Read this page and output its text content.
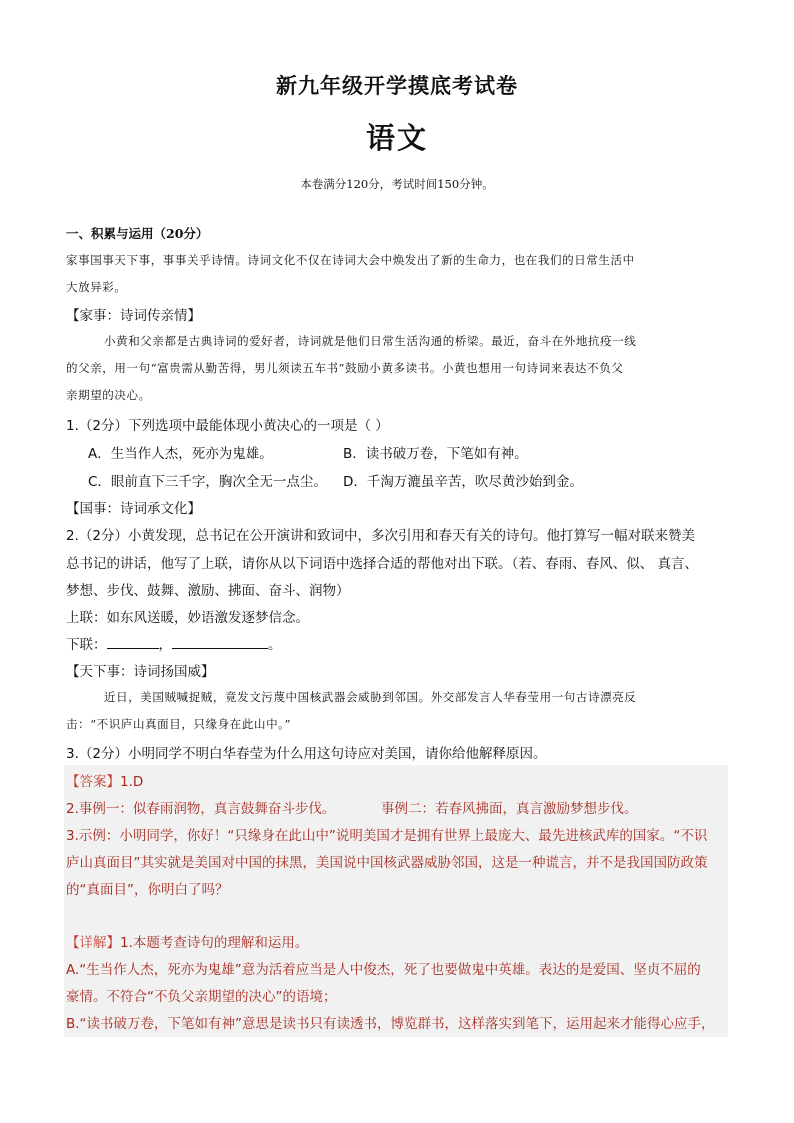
新九年级开学摸底考试卷
语文
本卷满分120分，考试时间150分钟。
一、积累与运用（20分）
家事国事天下事，事事关乎诗情。诗词文化不仅在诗词大会中焕发出了新的生命力，也在我们的日常生活中
大放异彩。
【家事：诗词传亲情】
小黄和父亲都是古典诗词的爱好者，诗词就是他们日常生活沟通的桥梁。最近，奋斗在外地抗疫一线
的父亲，用一句“富贵需从勤苦得，男儿须读五车书”鼓励小黄多读书。小黄也想用一句诗词来表达不负父
亲期望的决心。
1.（2分）下列选项中最能体现小黄决心的一项是（ ）
A．生当作人杰，死亦为鬼雄。	B．读书破万卷，下笔如有神。
C．眼前直下三千字，胸次全无一点尘。	D．千淘万漉虽辛苦，吹尽黄沙始到金。
【国事：诗词承文化】
2.（2分）小黄发现，总书记在公开演讲和致词中，多次引用和春天有关的诗句。他打算写一幅对联来赞美
总书记的讲话，他写了上联，请你从以下词语中选择合适的帮他对出下联。（若、春雨、春风、似、 真言、
梦想、步伐、鼓舞、激励、拂面、奋斗、润物）
上联：如东风送暖，妙语激发逐梦信念。
下联：	，	。
【天下事：诗词扬国威】
近日，美国贼喊捉贼，竟发文污蔑中国核武器会威胁到邻国。外交部发言人华春莹用一句古诗漂亮反
击：“不识庐山真面目，只缘身在此山中。”
3.（2分）小明同学不明白华春莹为什么用这句诗应对美国，请你给他解释原因。
【答案】1.D
2.事例一：似春雨润物，真言鼓舞奋斗步伐。	事例二：若春风拂面，真言激励梦想步伐。
3.示例：小明同学，你好！“只缘身在此山中”说明美国才是拥有世界上最庞大、最先进核武库的国家。“不识
庐山真面目”其实就是美国对中国的抹黑，美国说中国核武器威胁邻国，这是一种谎言，并不是我国国防政策
的“真面目”，你明白了吗？
【详解】1.本题考查诗句的理解和运用。
A.“生当作人杰，死亦为鬼雄”意为活着应当是人中俊杰，死了也要做鬼中英雄。表达的是爱国、坚贞不屈的
豪情。不符合“不负父亲期望的决心”的语境；
B.“读书破万卷，下笔如有神”意思是读书只有读透书，博览群书，这样落实到笔下，运用起来才能得心应手，
